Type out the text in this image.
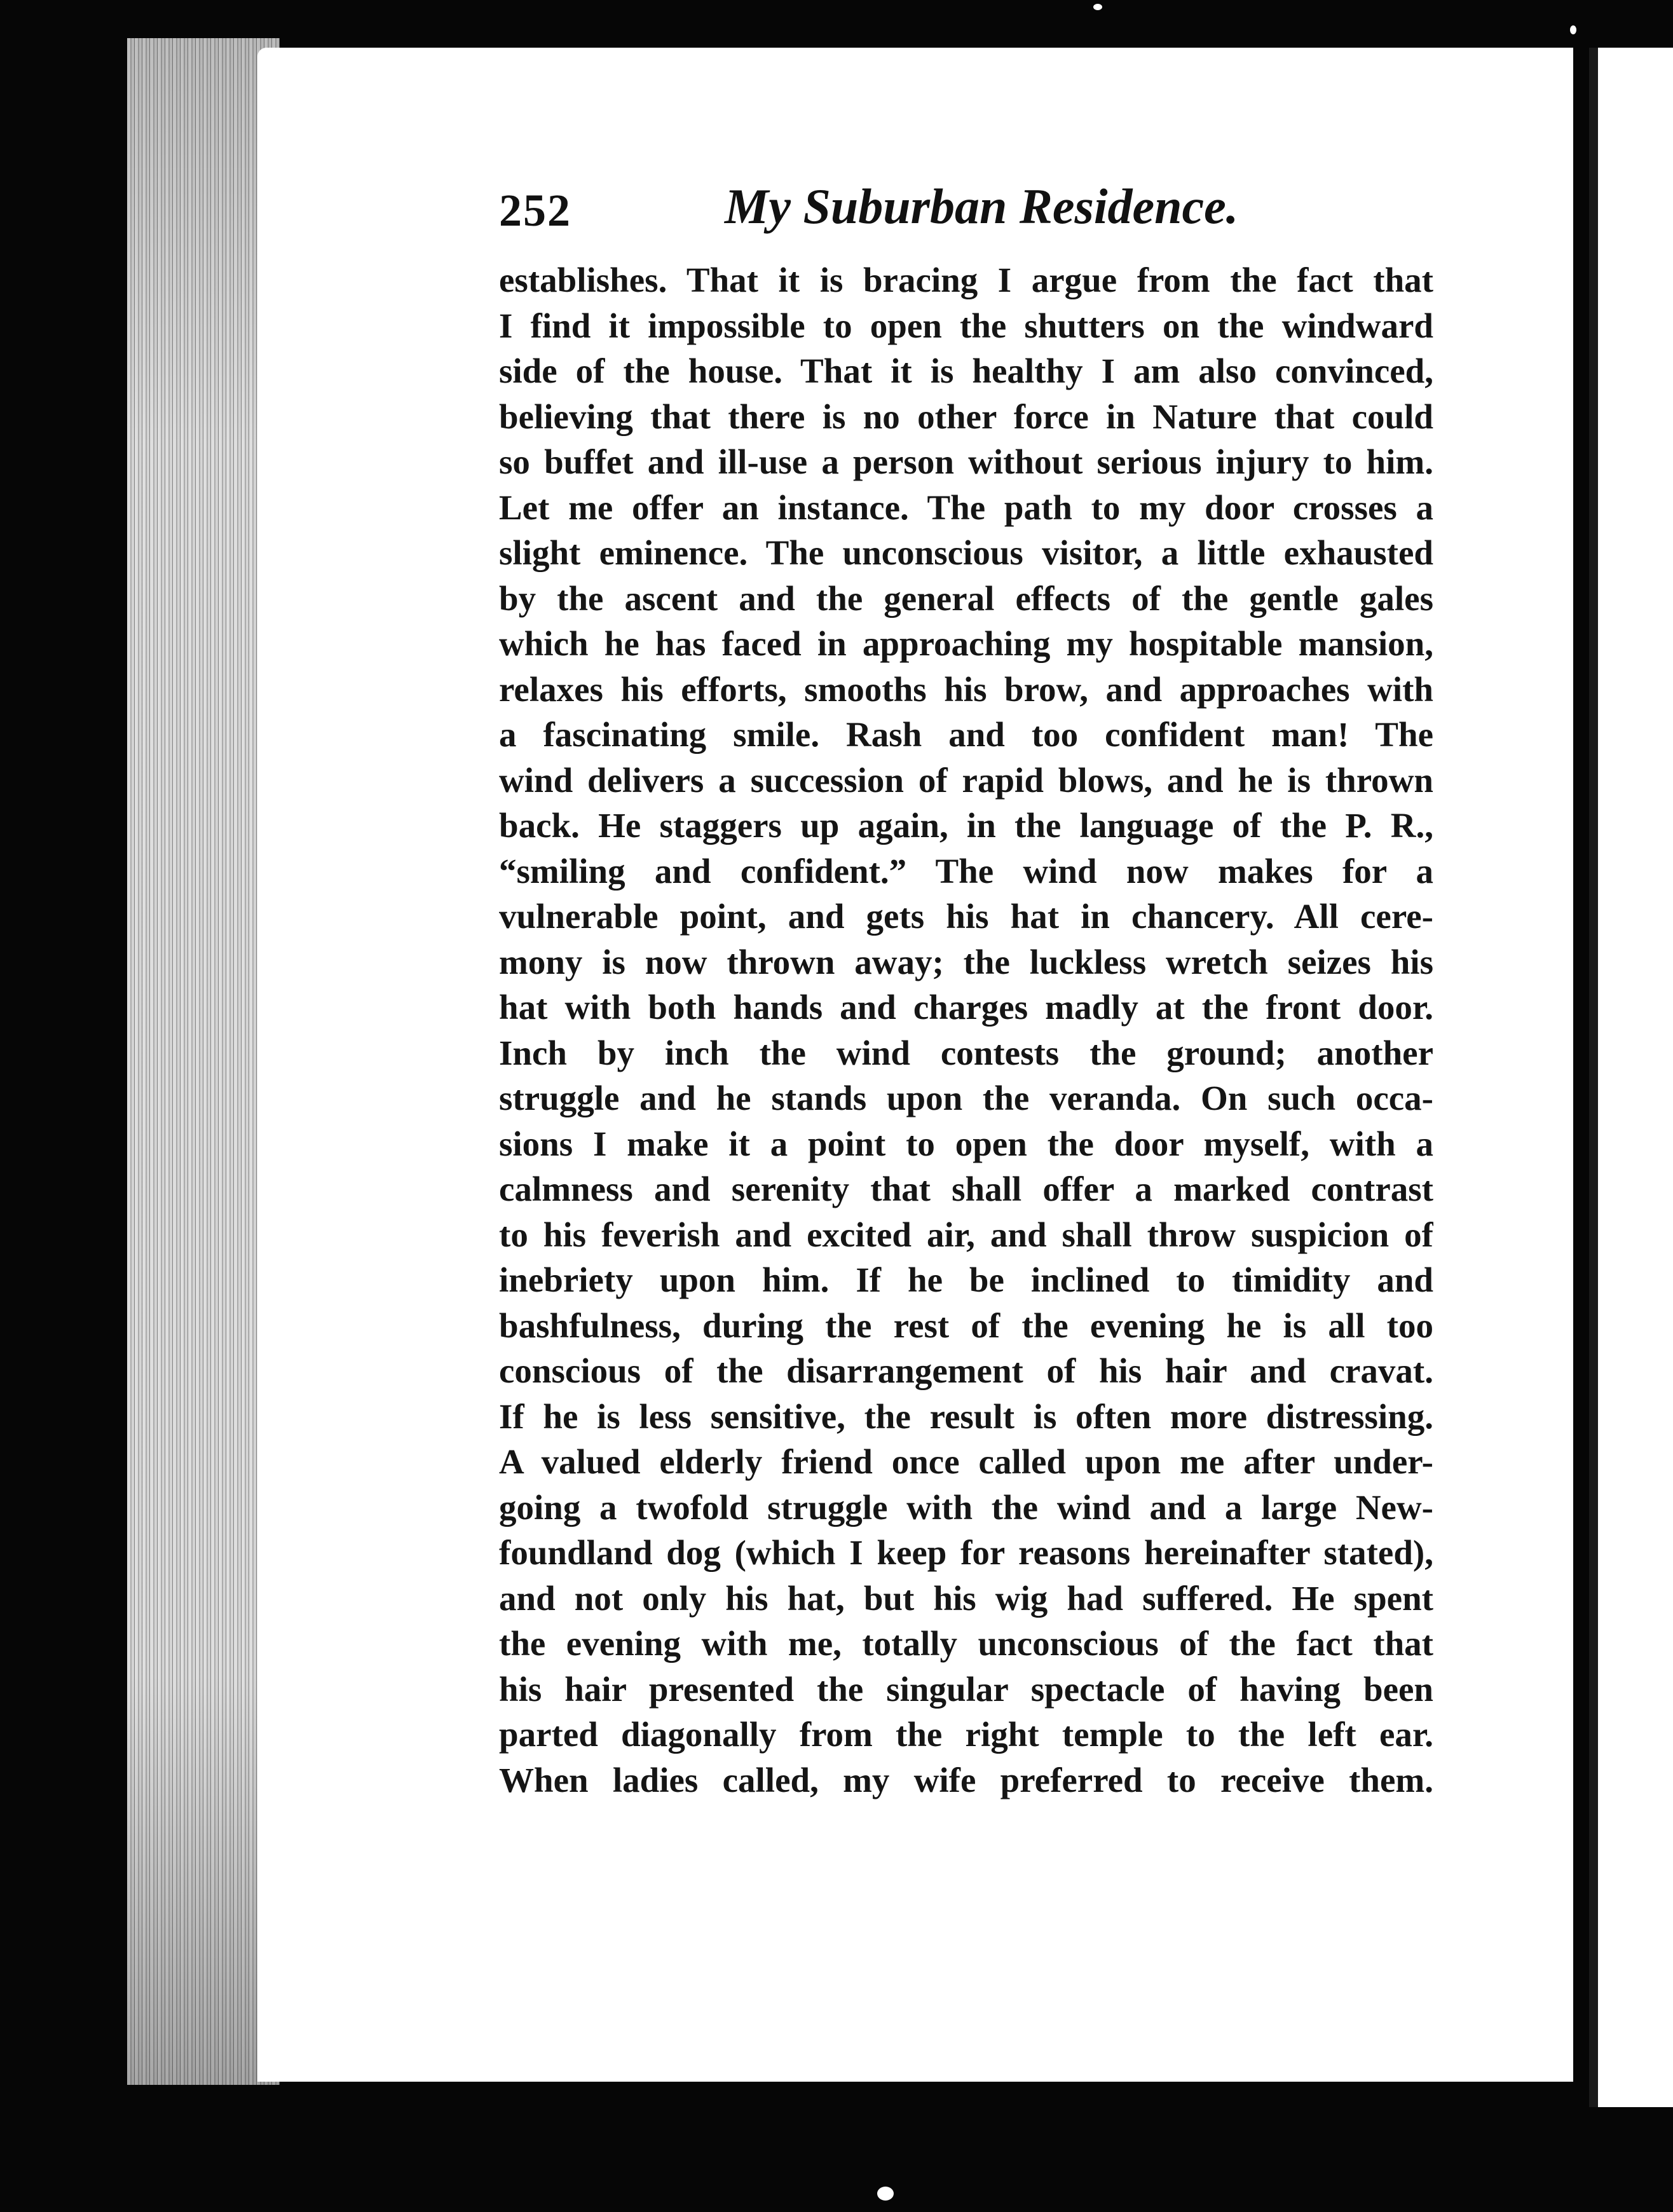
252	My Suburban Residence.
establishes. That it is bracing I argue from the fact that
I find it impossible to open the shutters on the windward
side of the house. That it is healthy I am also convinced,
believing that there is no other force in Nature that could
so buffet and ill-use a person without serious injury to him.
Let me offer an instance. The path to my door crosses a
slight eminence. The unconscious visitor, a little exhausted
by the ascent and the general effects of the gentle gales
which he has faced in approaching my hospitable mansion,
relaxes his efforts, smooths his brow, and approaches with
a fascinating smile. Rash and too confident man! The
wind delivers a succession of rapid blows, and he is thrown
back. He staggers up again, in the language of the P. R.,
“smiling and confident.” The wind now makes for a
vulnerable point, and gets his hat in chancery. All cere-
mony is now thrown away; the luckless wretch seizes his
hat with both hands and charges madly at the front door.
Inch by inch the wind contests the ground; another
struggle and he stands upon the veranda. On such occa-
sions I make it a point to open the door myself, with a
calmness and serenity that shall offer a marked contrast
to his feverish and excited air, and shall throw suspicion of
inebriety upon him. If he be inclined to timidity and
bashfulness, during the rest of the evening he is all too
conscious of the disarrangement of his hair and cravat.
If he is less sensitive, the result is often more distressing.
A valued elderly friend once called upon me after under-
going a twofold struggle with the wind and a large New-
foundland dog (which I keep for reasons hereinafter stated),
and not only his hat, but his wig had suffered. He spent
the evening with me, totally unconscious of the fact that
his hair presented the singular spectacle of having been
parted diagonally from the right temple to the left ear.
When ladies called, my wife preferred to receive them.
